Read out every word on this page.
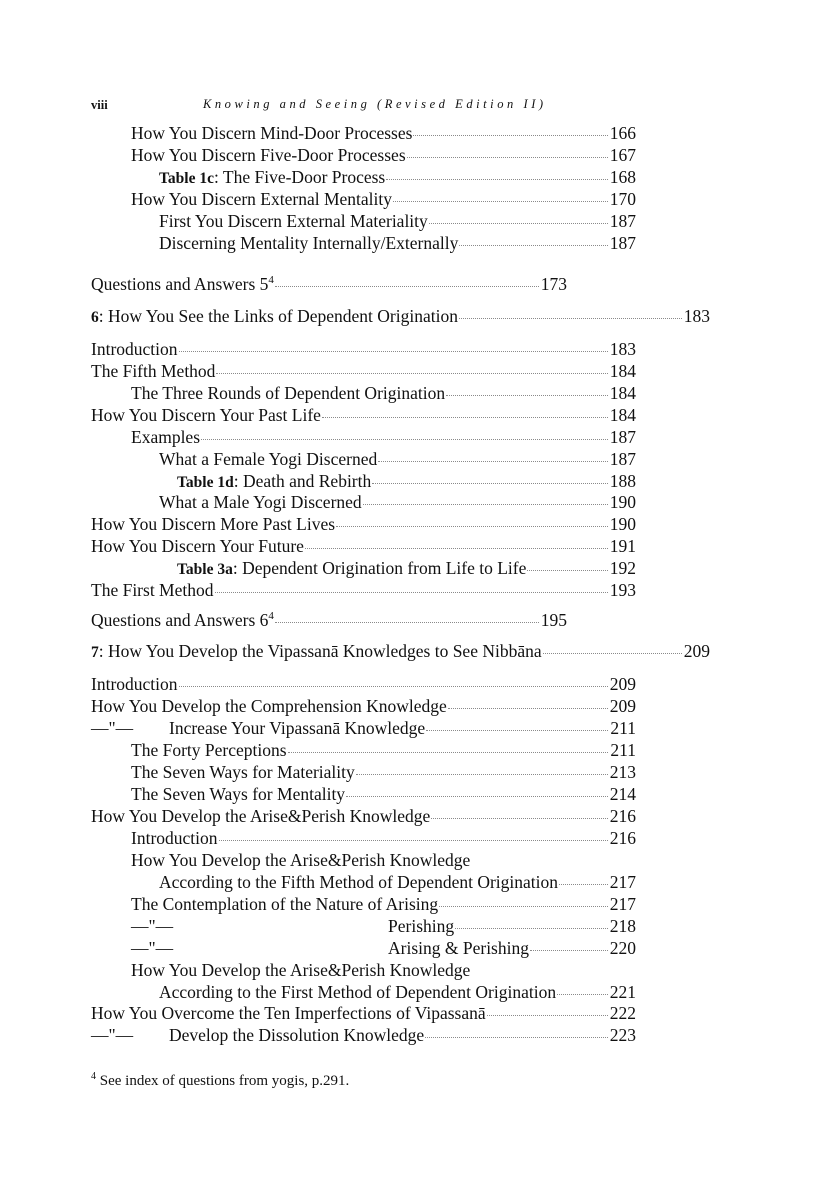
viii	Knowing and Seeing (Revised Edition II)
How You Discern Mind-Door Processes	166
How You Discern Five-Door Processes	167
Table 1c: The Five-Door Process	168
How You Discern External Mentality	170
First You Discern External Materiality	187
Discerning Mentality Internally/Externally	187
Questions and Answers $5^4$	173
6: How You See the Links of Dependent Origination	183
Introduction	183
The Fifth Method	184
The Three Rounds of Dependent Origination	184
How You Discern Your Past Life	184
Examples	187
What a Female Yogi Discerned	187
Table 1d: Death and Rebirth	188
What a Male Yogi Discerned	190
How You Discern More Past Lives	190
How You Discern Your Future	191
Table 3a: Dependent Origination from Life to Life	192
The First Method	193
Questions and Answers $6^4$	195
7: How You Develop the Vipassanā Knowledges to See Nibbāna	209
Introduction	209
How You Develop the Comprehension Knowledge	209
—"— Increase Your Vipassanā Knowledge	211
The Forty Perceptions	211
The Seven Ways for Materiality	213
The Seven Ways for Mentality	214
How You Develop the Arise&Perish Knowledge	216
Introduction	216
How You Develop the Arise&Perish Knowledge
According to the Fifth Method of Dependent Origination	217
The Contemplation of the Nature of Arising	217
—"—	Perishing	218
—"—	Arising & Perishing	220
How You Develop the Arise&Perish Knowledge
According to the First Method of Dependent Origination	221
How You Overcome the Ten Imperfections of Vipassanā	222
—"— Develop the Dissolution Knowledge	223
$^4$ See index of questions from yogis, p.291.
